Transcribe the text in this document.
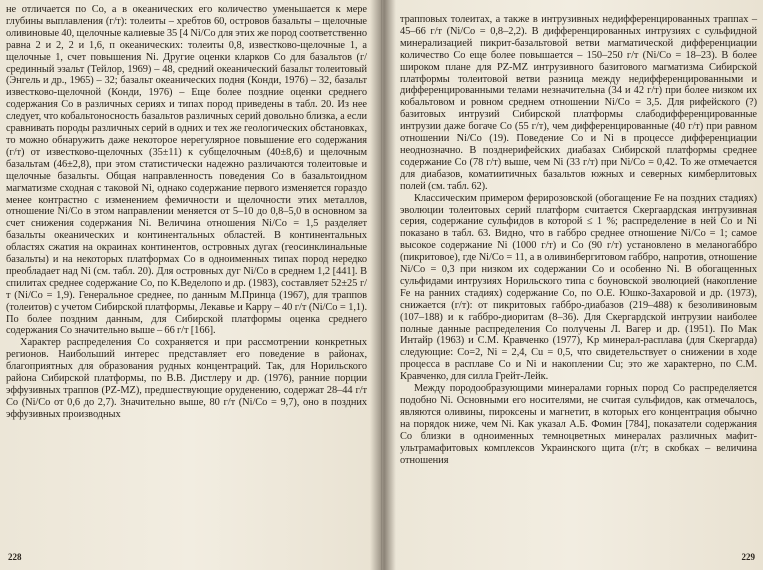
не отличается по Co, а в океанических его количество уменьшается к мере глубины выплавления (г/т): толеиты – хребтов 60, островов базальты – щелочные оливиновые 40, щелочные калиевые 35 [4 Ni/Co для этих же пород соответственно равна 2 и 2, 2 и 1,6, п океанических: толеиты 0,8, известково-щелочные 1, а щелочные 1, счет повышения Ni. Другие оценки кларков Co для базальтов (г/ срединный эзальт (Тейлор, 1969) – 48, средний океанический базальт толеитовый (Энгель и др., 1965) – 32; базальт океанических подня (Конди, 1976) – 32, базальт известково-щелочной (Конди, 1976) – Еще более поздние оценки среднего содержания Co в различных сериях и типах пород приведены в табл. 20. Из нее следует, что кобальтоносность базальтов различных серий довольно близка, а если сравнивать породы различных серий в одних и тех же геологических обстановках, то можно обнаружить даже некоторое нерегулярное повышение его содержания (г/т) от известково-щелочных (35±11) к субщелочным (40±8,6) и щелочным базальтам (46±2,8), при этом статистически надежно различаются толеитовые и щелочные базальты. Общая направленность поведения Co в базальтоидном магматизме сходная с таковой Ni, однако содержание первого изменяется гораздо менее контрастно с изменением фемичности и щелочности этих металлов, отношение Ni/Co в этом направлении меняется от 5–10 до 0,8–5,0 в основном за счет снижения содержания Ni. Величина отношения Ni/Co = 1,5 разделяет базальты океанических и континентальных областей. В континентальных областях сжатия на окраинах континентов, островных дугах (геосинклинальные базальты) и на некоторых платформах Co в одноименных типах пород нередко преобладает над Ni (см. табл. 20). Для островных дуг Ni/Co в среднем 1,2 [441]. В спилитах среднее содержание Co, по К.Веделопо и др. (1983), составляет 52±25 г/т (Ni/Co = 1,9). Генеральное среднее, по данным М.Принца (1967), для траппов (толеитов) с учетом Сибирской платформы, Лекавье и Карру – 40 г/т (Ni/Co = 1,1). По более поздним данным, для Сибирской платформы оценка среднего содержания Co значительно выше – 66 г/т [166].

Характер распределения Co сохраняется и при рассмотрении конкретных регионов. Наибольший интерес представляет его поведение в районах, благоприятных для образования рудных концентраций. Так, для Норильского района Сибирской платформы, по В.В. Дистлеру и др. (1976), ранние порции эффузивных траппов (PZ-MZ), предшествующие оруденению, содержат 28–44 г/т Co (Ni/Co от 0,6 до 2,7). Значительно выше, 80 г/т (Ni/Co = 9,7), оно в поздних эффузивных производных

228

трапповых толеитах, а также в интрузивных недифференцированных траппах – 45–66 г/т (Ni/Co = 0,8–2,2). В дифференцированных интрузиях с сульфидной минерализацией пикрит-базальтовой ветви магматической дифференциации количество Co еще более повышается – 150–250 г/т (Ni/Co = 18–23). В более широком плане для PZ-MZ интрузивного базитового магматизма Сибирской платформы толеитовой ветви разница между недифференцированными и дифференцированными телами незначительна (34 и 42 г/т) при более низком их кобальтовом и ровном среднем отношении Ni/Co = 3,5. Для рифейского (?) базитовых интрузий Сибирской платформы слабодифференцированные интрузии даже богаче Co (55 г/т), чем дифференцированные (40 г/т) при равном отношении Ni/Co (19). Поведение Co и Ni в процессе дифференциации неоднозначно. В позднерифейских диабазах Сибирской платформы среднее содержание Co (78 г/т) выше, чем Ni (33 г/т) при Ni/Co = 0,42. То же отмечается для диабазов, коматиитичных базальтов южных и северных кимберлитовых полей (см. табл. 62).

Классическим примером ферирозовской (обогащение Fe на поздних стадиях) эволюции толеитовых серий платформ считается Скергаардская интрузивная серия, содержание сульфидов в которой ≤ 1 %; распределение в ней Co и Ni показано в табл. 63. Видно, что в габбро среднее отношение Ni/Co = 1; самое высокое содержание Ni (1000 г/т) и Co (90 г/т) установлено в меланогаббро (пикритовое), где Ni/Co = 11, а в оливинбергитовом габбро, напротив, отношение Ni/Co = 0,3 при низком их содержании Co и особенно Ni. В обогащенных сульфидами интрузиях Норильского типа с боуновской эволюцией (накопление Fe на ранних стадиях) содержание Co, по О.Е. Юшко-Захаровой и др. (1973), снижается (г/т): от пикритовых габбро-диабазов (219–488) к безоливиновым (107–188) и к габбро-диоритам (8–36). Для Скергардской интрузии наиболее полные данные распределения Co получены Л. Вагер и др. (1951). По Мак Интайр (1963) и С.М. Кравченко (1977), Kр минерал-расплава (для Скергарда) следующие: Co=2, Ni = 2,4, Cu = 0,5, что свидетельствует о снижении в ходе процесса в расплаве Co и Ni и накоплении Cu; это же характерно, по С.М. Кравченко, для силла Грейт-Лейк.

Между породообразующими минералами горных пород Co распределяется подобно Ni. Основными его носителями, не считая сульфидов, как отмечалось, являются оливины, пироксены и магнетит, в которых его концентрация обычно на порядок ниже, чем Ni. Как указал А.Б. Фомин [784], показатели содержания Co близки в одноименных темноцветных минералах различных мафит-ультрамафитовых комплексов Украинского щита (г/т; в скобках – величина отношения

229
